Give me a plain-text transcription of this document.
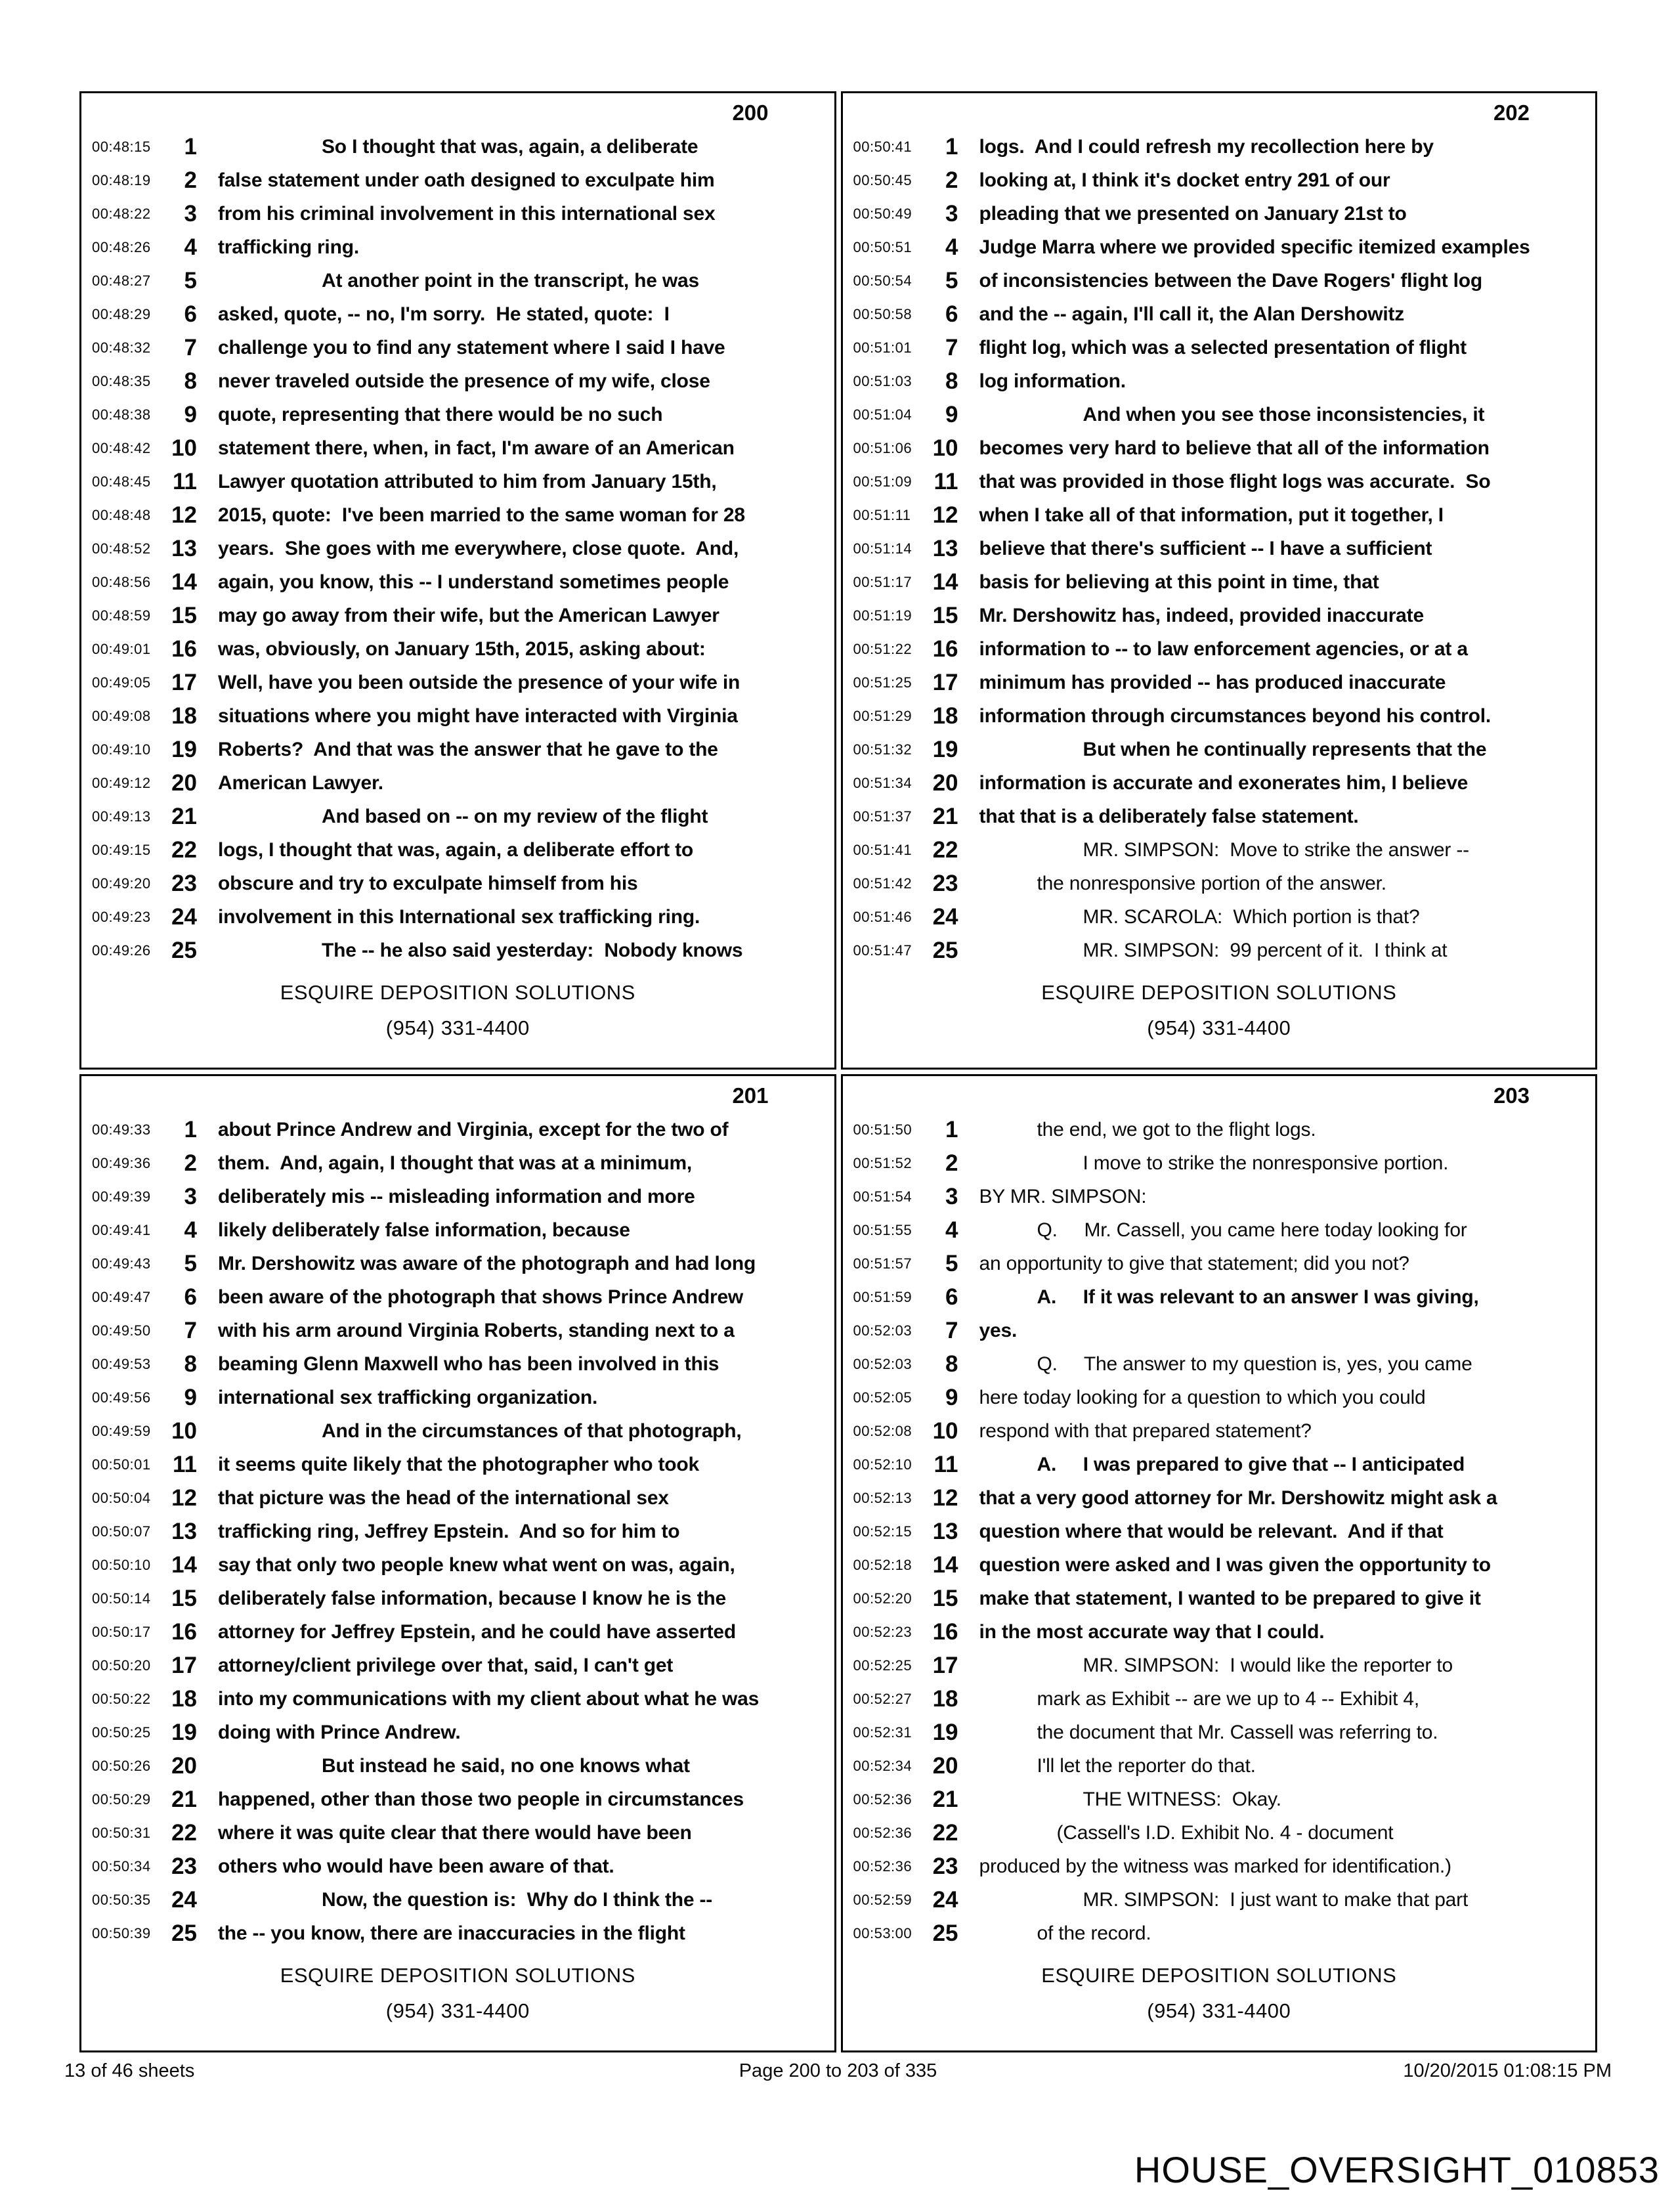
200
00:48:15	1	So I thought that was, again, a deliberate
00:48:19	2	false statement under oath designed to exculpate him
00:48:22	3	from his criminal involvement in this international sex
00:48:26	4	trafficking ring.
00:48:27	5	At another point in the transcript, he was
00:48:29	6	asked, quote, -- no, I'm sorry.  He stated, quote:  I
00:48:32	7	challenge you to find any statement where I said I have
00:48:35	8	never traveled outside the presence of my wife, close
00:48:38	9	quote, representing that there would be no such
00:48:42 10	statement there, when, in fact, I'm aware of an American
00:48:45 11	Lawyer quotation attributed to him from January 15th,
00:48:48 12	2015, quote:  I've been married to the same woman for 28
00:48:52 13	years.  She goes with me everywhere, close quote.  And,
00:48:56 14	again, you know, this -- I understand sometimes people
00:48:59 15	may go away from their wife, but the American Lawyer
00:49:01 16	was, obviously, on January 15th, 2015, asking about:
00:49:05 17	Well, have you been outside the presence of your wife in
00:49:08 18	situations where you might have interacted with Virginia
00:49:10 19	Roberts?  And that was the answer that he gave to the
00:49:12 20	American Lawyer.
00:49:13 21	And based on -- on my review of the flight
00:49:15 22	logs, I thought that was, again, a deliberate effort to
00:49:20 23	obscure and try to exculpate himself from his
00:49:23 24	involvement in this International sex trafficking ring.
00:49:26 25	The -- he also said yesterday:  Nobody knows
ESQUIRE DEPOSITION SOLUTIONS
(954) 331-4400
202
00:50:41	1	logs.  And I could refresh my recollection here by
00:50:45	2	looking at, I think it's docket entry 291 of our
00:50:49	3	pleading that we presented on January 21st to
00:50:51	4	Judge Marra where we provided specific itemized examples
00:50:54	5	of inconsistencies between the Dave Rogers' flight log
00:50:58	6	and the -- again, I'll call it, the Alan Dershowitz
00:51:01	7	flight log, which was a selected presentation of flight
00:51:03	8	log information.
00:51:04	9	And when you see those inconsistencies, it
00:51:06 10	becomes very hard to believe that all of the information
00:51:09 11	that was provided in those flight logs was accurate.  So
00:51:11 12	when I take all of that information, put it together, I
00:51:14 13	believe that there's sufficient -- I have a sufficient
00:51:17 14	basis for believing at this point in time, that
00:51:19 15	Mr. Dershowitz has, indeed, provided inaccurate
00:51:22 16	information to -- to law enforcement agencies, or at a
00:51:25 17	minimum has provided -- has produced inaccurate
00:51:29 18	information through circumstances beyond his control.
00:51:32 19	But when he continually represents that the
00:51:34 20	information is accurate and exonerates him, I believe
00:51:37 21	that that is a deliberately false statement.
00:51:41 22	MR. SIMPSON:  Move to strike the answer --
00:51:42 23	the nonresponsive portion of the answer.
00:51:46 24	MR. SCAROLA:  Which portion is that?
00:51:47 25	MR. SIMPSON:  99 percent of it.  I think at
ESQUIRE DEPOSITION SOLUTIONS
(954) 331-4400
201
00:49:33	1	about Prince Andrew and Virginia, except for the two of
00:49:36	2	them.  And, again, I thought that was at a minimum,
00:49:39	3	deliberately mis -- misleading information and more
00:49:41	4	likely deliberately false information, because
00:49:43	5	Mr. Dershowitz was aware of the photograph and had long
00:49:47	6	been aware of the photograph that shows Prince Andrew
00:49:50	7	with his arm around Virginia Roberts, standing next to a
00:49:53	8	beaming Glenn Maxwell who has been involved in this
00:49:56	9	international sex trafficking organization.
00:49:59 10	And in the circumstances of that photograph,
00:50:01 11	it seems quite likely that the photographer who took
00:50:04 12	that picture was the head of the international sex
00:50:07 13	trafficking ring, Jeffrey Epstein.  And so for him to
00:50:10 14	say that only two people knew what went on was, again,
00:50:14 15	deliberately false information, because I know he is the
00:50:17 16	attorney for Jeffrey Epstein, and he could have asserted
00:50:20 17	attorney/client privilege over that, said, I can't get
00:50:22 18	into my communications with my client about what he was
00:50:25 19	doing with Prince Andrew.
00:50:26 20	But instead he said, no one knows what
00:50:29 21	happened, other than those two people in circumstances
00:50:31 22	where it was quite clear that there would have been
00:50:34 23	others who would have been aware of that.
00:50:35 24	Now, the question is:  Why do I think the --
00:50:39 25	the -- you know, there are inaccuracies in the flight
ESQUIRE DEPOSITION SOLUTIONS
(954) 331-4400
203
00:51:50	1	the end, we got to the flight logs.
00:51:52	2	I move to strike the nonresponsive portion.
00:51:54	3	BY MR. SIMPSON:
00:51:55	4	Q.     Mr. Cassell, you came here today looking for
00:51:57	5	an opportunity to give that statement; did you not?
00:51:59	6	A.     If it was relevant to an answer I was giving,
00:52:03	7	yes.
00:52:03	8	Q.     The answer to my question is, yes, you came
00:52:05	9	here today looking for a question to which you could
00:52:08 10	respond with that prepared statement?
00:52:10 11	A.     I was prepared to give that -- I anticipated
00:52:13 12	that a very good attorney for Mr. Dershowitz might ask a
00:52:15 13	question where that would be relevant.  And if that
00:52:18 14	question were asked and I was given the opportunity to
00:52:20 15	make that statement, I wanted to be prepared to give it
00:52:23 16	in the most accurate way that I could.
00:52:25 17	MR. SIMPSON:  I would like the reporter to
00:52:27 18	mark as Exhibit -- are we up to 4 -- Exhibit 4,
00:52:31 19	the document that Mr. Cassell was referring to.
00:52:34 20	I'll let the reporter do that.
00:52:36 21	THE WITNESS:  Okay.
00:52:36 22	(Cassell's I.D. Exhibit No. 4 - document
00:52:36 23	produced by the witness was marked for identification.)
00:52:59 24	MR. SIMPSON:  I just want to make that part
00:53:00 25	of the record.
ESQUIRE DEPOSITION SOLUTIONS
(954) 331-4400
13 of 46 sheets	Page 200 to 203 of 335	10/20/2015 01:08:15 PM
HOUSE_OVERSIGHT_010853
